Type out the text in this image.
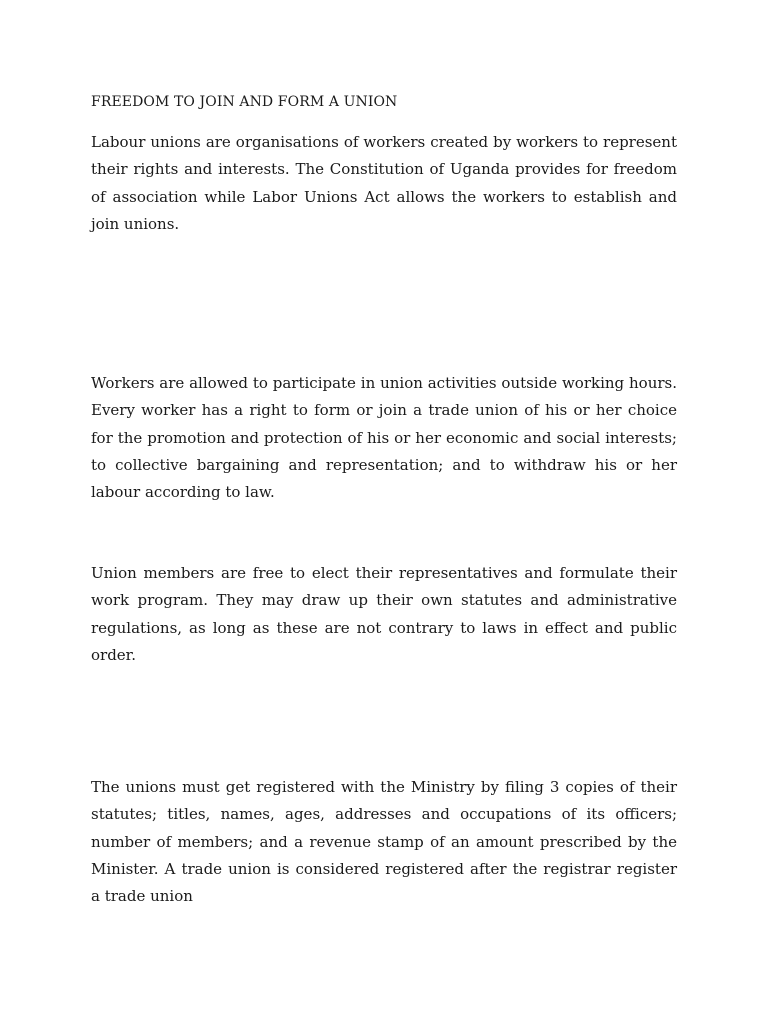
FREEDOM TO JOIN AND FORM A UNION

Labour unions are organisations of workers created by workers to represent their rights and interests. The Constitution of Uganda provides for freedom of association while Labor Unions Act allows the workers to establish and join unions.

Workers are allowed to participate in union activities outside working hours. Every worker has a right to form or join a trade union of his or her choice for the promotion and protection of his or her economic and social interests; to collective bargaining and representation; and to withdraw his or her labour according to law.

Union members are free to elect their representatives and formulate their work program. They may draw up their own statutes and administrative regulations, as long as these are not contrary to laws in effect and public order.

The unions must get registered with the Ministry by filing 3 copies of their statutes; titles, names, ages, addresses and occupations of its officers; number of members; and a revenue stamp of an amount prescribed by the Minister. A trade union is considered registered after the registrar register a trade union
